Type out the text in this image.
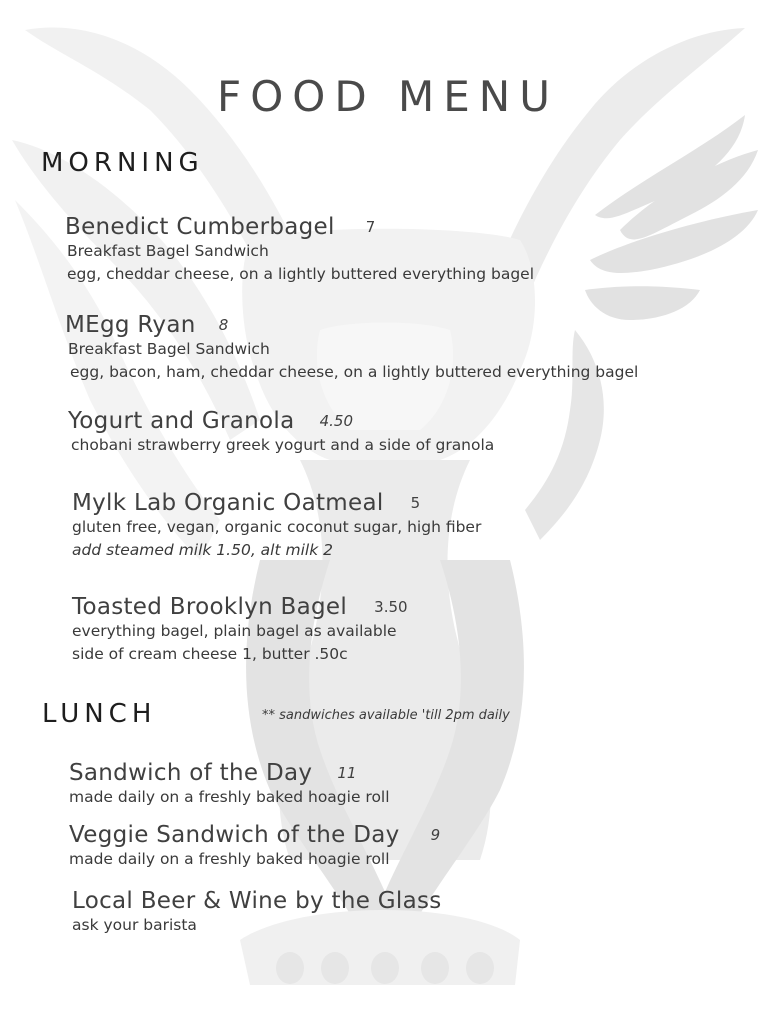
FOOD MENU
MORNING
Benedict Cumberbagel 7
Breakfast Bagel Sandwich
egg, cheddar cheese, on a lightly buttered everything bagel
MEgg Ryan 8
Breakfast Bagel Sandwich
egg, bacon, ham, cheddar cheese, on a lightly buttered everything bagel
Yogurt and Granola 4.50
chobani strawberry greek yogurt and a side of granola
Mylk Lab Organic Oatmeal 5
gluten free, vegan, organic coconut sugar, high fiber
add steamed milk 1.50, alt milk 2
Toasted Brooklyn Bagel 3.50
everything bagel, plain bagel as available
side of cream cheese 1, butter .50c
LUNCH	** sandwiches available 'till 2pm daily
Sandwich of the Day 11
made daily on a freshly baked hoagie roll
Veggie Sandwich of the Day 9
made daily on a freshly baked hoagie roll
Local Beer & Wine by the Glass
ask your barista
